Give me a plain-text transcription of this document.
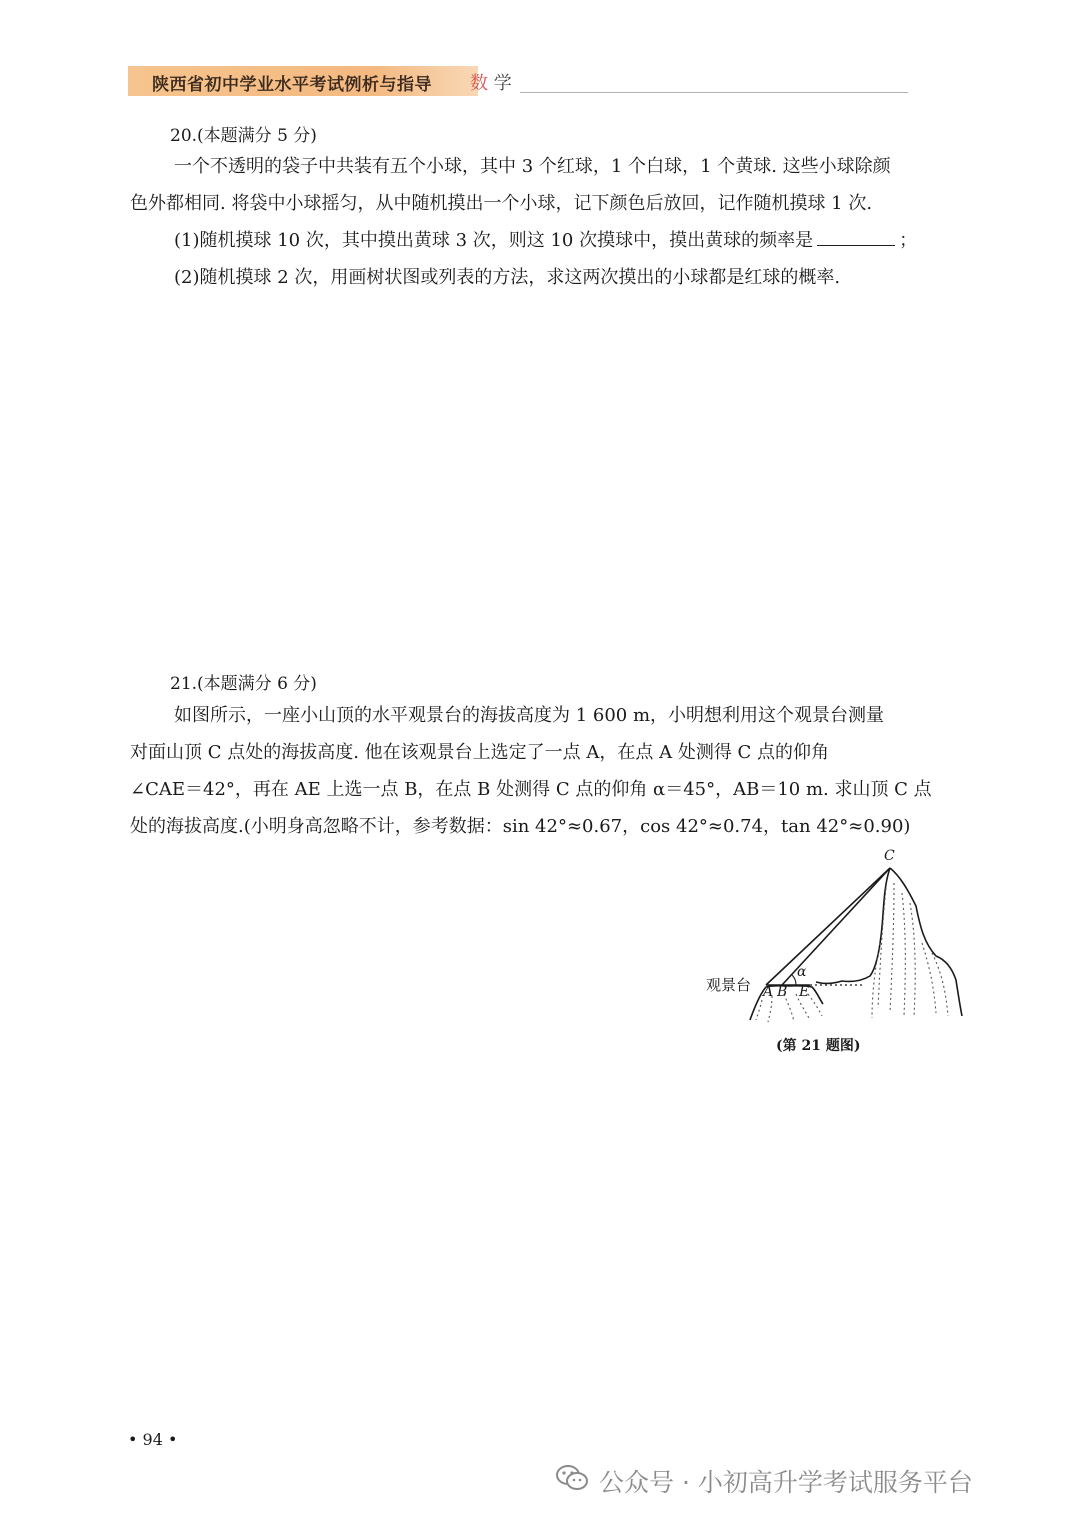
陕西省初中学业水平考试例析与指导 数 学
20.(本题满分 5 分)

一个不透明的袋子中共装有五个小球，其中 3 个红球，1 个白球，1 个黄球. 这些小球除颜

色外都相同. 将袋中小球摇匀，从中随机摸出一个小球，记下颜色后放回，记作随机摸球 1 次.

(1)随机摸球 10 次，其中摸出黄球 3 次，则这 10 次摸球中，摸出黄球的频率是	；

(2)随机摸球 2 次，用画树状图或列表的方法，求这两次摸出的小球都是红球的概率.

21.(本题满分 6 分)

如图所示，一座小山顶的水平观景台的海拔高度为 1 600 m，小明想利用这个观景台测量

对面山顶 C 点处的海拔高度. 他在该观景台上选定了一点 A，在点 A 处测得 C 点的仰角

∠CAE＝42°，再在 AE 上选一点 B，在点 B 处测得 C 点的仰角 α＝45°，AB＝10 m. 求山顶 C 点

处的海拔高度.(小明身高忽略不计，参考数据：sin 42°≈0.67，cos 42°≈0.74，tan 42°≈0.90)

C
α
观景台 A B E
(第 21 题图)
• 94 •
公众号 · 小初高升学考试服务平台
